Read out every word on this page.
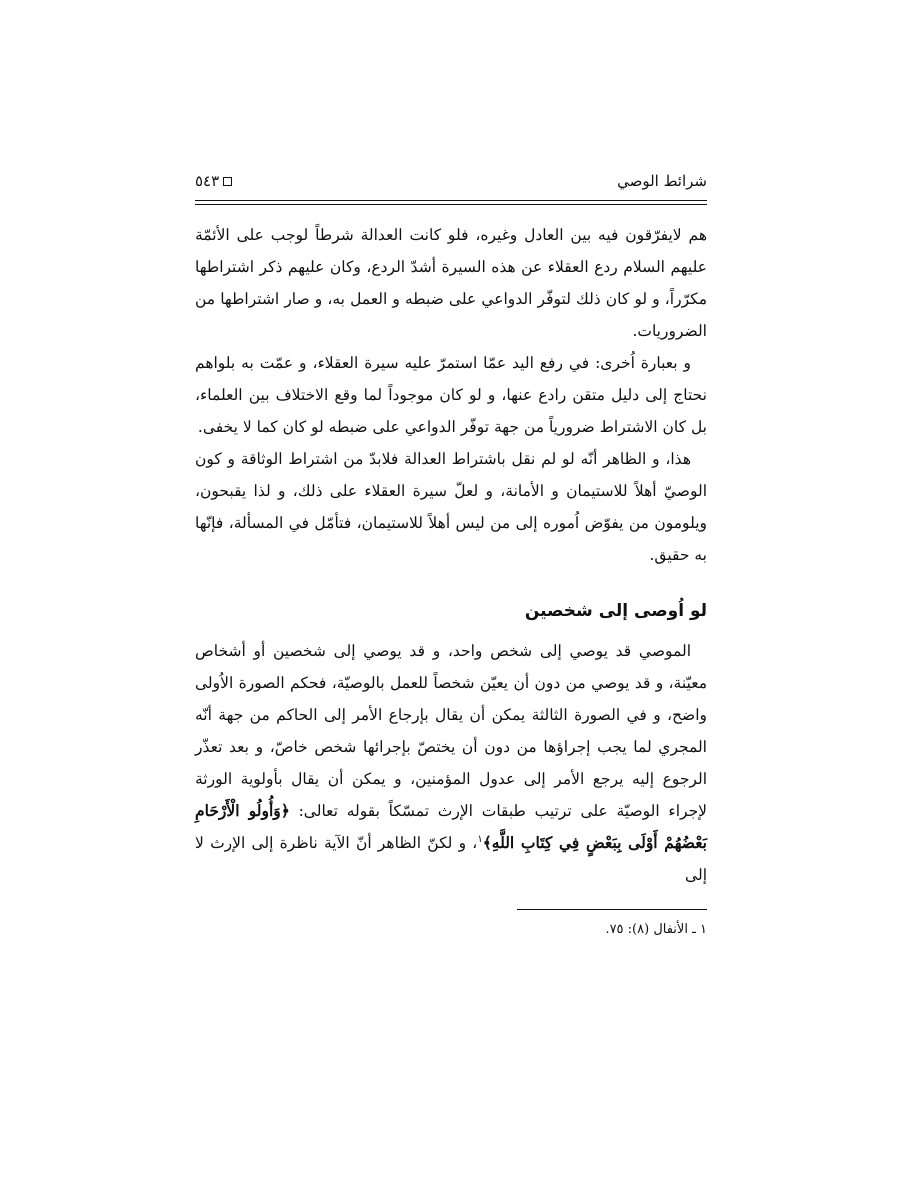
شرائط الوصي
٥٤٣

هم لايفرّقون فيه بين العادل وغيره، فلو كانت العدالة شرطاً لوجب على الأئمّة عليهم السلام ردع العقلاء عن هذه السيرة أشدّ الردع، وكان عليهم ذكر اشتراطها مكرّراً، و لو كان ذلك لتوفّر الدواعي على ضبطه و العمل به، و صار اشتراطها من الضروريات.

و بعبارة اُخرى: في رفع اليد عمّا استمرّ عليه سيرة العقلاء، و عمّت به بلواهم نحتاج إلى دليل متقن رادع عنها، و لو كان موجوداً لما وقع الاختلاف بين العلماء، بل كان الاشتراط ضرورياً من جهة توفّر الدواعي على ضبطه لو كان كما لا يخفى.

هذا، و الظاهر أنّه لو لم نقل باشتراط العدالة فلابدّ من اشتراط الوثاقة و كون الوصيّ أهلاً للاستيمان و الأمانة، و لعلّ سيرة العقلاء على ذلك، و لذا يقبحون، ويلومون من يفوّض اُموره إلى من ليس أهلاً للاستيمان، فتأمّل في المسألة، فإنّها به حقيق.

لو اُوصى إلى شخصين

الموصي قد يوصي إلى شخص واحد، و قد يوصي إلى شخصين أو أشخاص معيّنة، و قد يوصي من دون أن يعيّن شخصاً للعمل بالوصيّة، فحكم الصورة الاُولى واضح، و في الصورة الثالثة يمكن أن يقال بإرجاع الأمر إلى الحاكم من جهة أنّه المجري لما يجب إجراؤها من دون أن يختصّ بإجرائها شخص خاصّ، و بعد تعذّر الرجوع إليه يرجع الأمر إلى عدول المؤمنين، و يمكن أن يقال بأولوية الورثة لإجراء الوصيّة على ترتيب طبقات الإرث تمسّكاً بقوله تعالى: ﴿وَأُولُو الْأَرْحَامِ بَعْضُهُمْ أَوْلَى بِبَعْضٍ فِي كِتَابِ اللَّهِ﴾$^١$، و لكنّ الظاهر أنّ الآية ناظرة إلى الإرث لا إلى

١ ـ الأنفال (٨): ٧٥.
